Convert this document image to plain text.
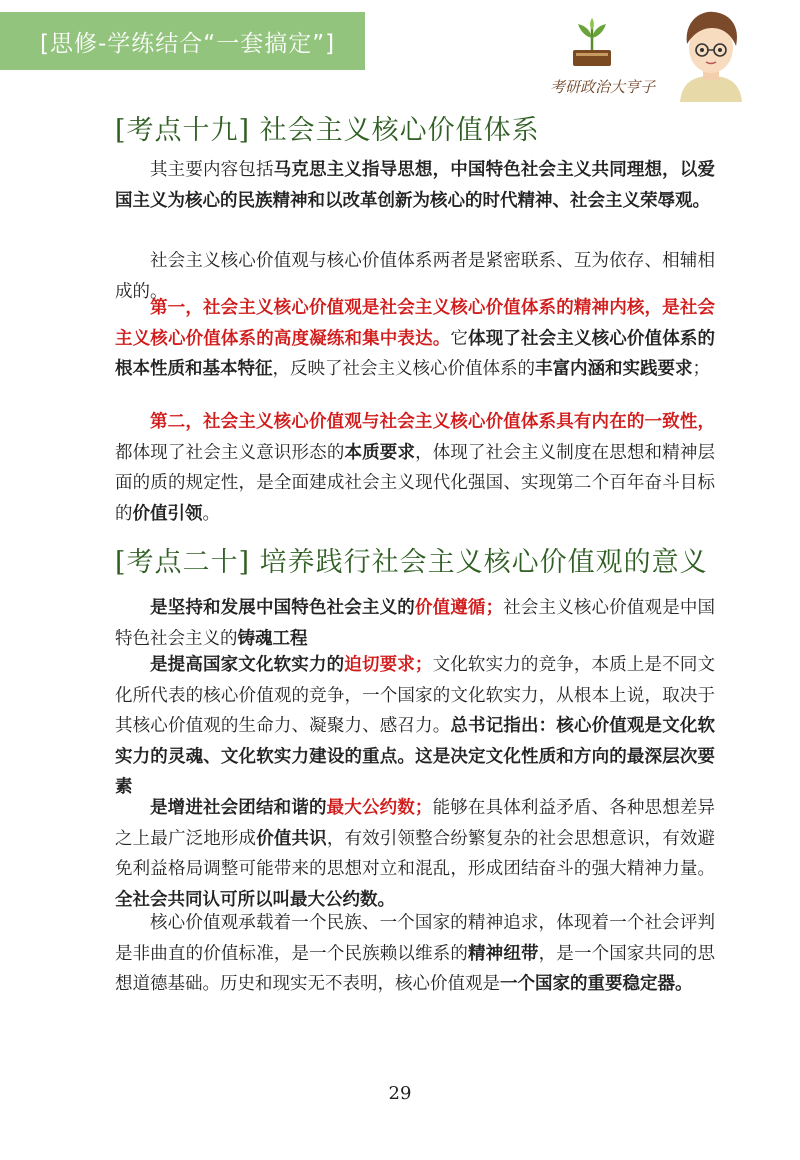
[思修-学练结合“一套搞定”]
考研政治大亨子
[考点十九] 社会主义核心价值体系

其主要内容包括马克思主义指导思想，中国特色社会主义共同理想，以爱国主义为核心的民族精神和以改革创新为核心的时代精神、社会主义荣辱观。

社会主义核心价值观与核心价值体系两者是紧密联系、互为依存、相辅相成的。

第一，社会主义核心价值观是社会主义核心价值体系的精神内核，是社会主义核心价值体系的高度凝练和集中表达。它体现了社会主义核心价值体系的根本性质和基本特征，反映了社会主义核心价值体系的丰富内涵和实践要求；

第二，社会主义核心价值观与社会主义核心价值体系具有内在的一致性，都体现了社会主义意识形态的本质要求，体现了社会主义制度在思想和精神层面的质的规定性，是全面建成社会主义现代化强国、实现第二个百年奋斗目标的价值引领。

[考点二十] 培养践行社会主义核心价值观的意义

是坚持和发展中国特色社会主义的价值遵循；社会主义核心价值观是中国特色社会主义的铸魂工程

是提高国家文化软实力的迫切要求；文化软实力的竞争，本质上是不同文化所代表的核心价值观的竞争，一个国家的文化软实力，从根本上说，取决于其核心价值观的生命力、凝聚力、感召力。总书记指出：核心价值观是文化软实力的灵魂、文化软实力建设的重点。这是决定文化性质和方向的最深层次要素

是增进社会团结和谐的最大公约数；能够在具体利益矛盾、各种思想差异之上最广泛地形成价值共识，有效引领整合纷繁复杂的社会思想意识，有效避免利益格局调整可能带来的思想对立和混乱，形成团结奋斗的强大精神力量。全社会共同认可所以叫最大公约数。

核心价值观承载着一个民族、一个国家的精神追求，体现着一个社会评判是非曲直的价值标准，是一个民族赖以维系的精神纽带，是一个国家共同的思想道德基础。历史和现实无不表明，核心价值观是一个国家的重要稳定器。

29
